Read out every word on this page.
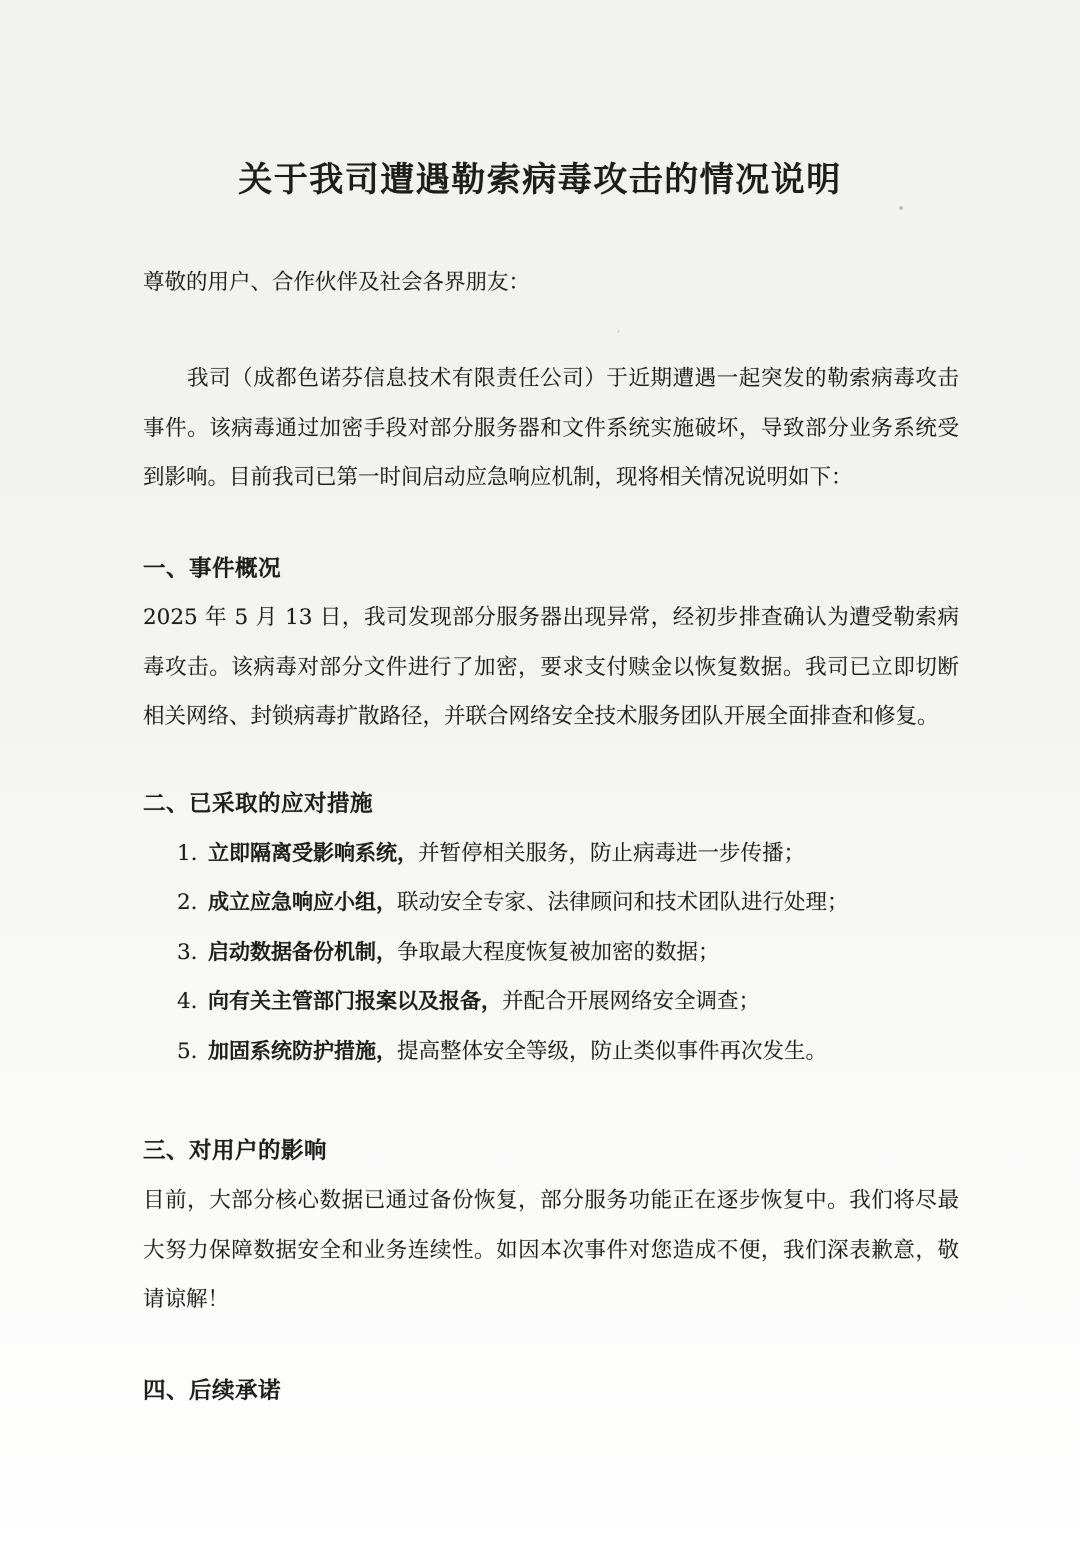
关于我司遭遇勒索病毒攻击的情况说明

尊敬的用户、合作伙伴及社会各界朋友：

我司（成都色诺芬信息技术有限责任公司）于近期遭遇一起突发的勒索病毒攻击事件。该病毒通过加密手段对部分服务器和文件系统实施破坏，导致部分业务系统受到影响。目前我司已第一时间启动应急响应机制，现将相关情况说明如下：

一、事件概况

2025 年 5 月 13 日，我司发现部分服务器出现异常，经初步排查确认为遭受勒索病毒攻击。该病毒对部分文件进行了加密，要求支付赎金以恢复数据。我司已立即切断相关网络、封锁病毒扩散路径，并联合网络安全技术服务团队开展全面排查和修复。

二、已采取的应对措施
1. 立即隔离受影响系统，并暂停相关服务，防止病毒进一步传播；
2. 成立应急响应小组，联动安全专家、法律顾问和技术团队进行处理；
3. 启动数据备份机制，争取最大程度恢复被加密的数据；
4. 向有关主管部门报案以及报备，并配合开展网络安全调查；
5. 加固系统防护措施，提高整体安全等级，防止类似事件再次发生。
三、对用户的影响

目前，大部分核心数据已通过备份恢复，部分服务功能正在逐步恢复中。我们将尽最大努力保障数据安全和业务连续性。如因本次事件对您造成不便，我们深表歉意，敬请谅解！

四、后续承诺
